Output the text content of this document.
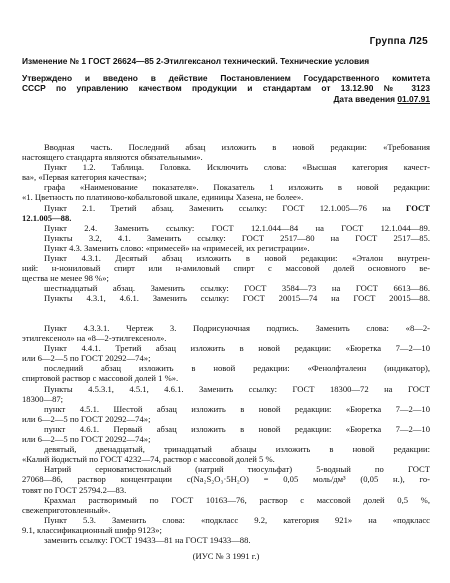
Группа Л25

Изменение № 1 ГОСТ 26624—85 2-Этилгексанол технический. Технические условия

Утверждено и введено в действие Постановлением Государственного комитета

СССР по управлению качеством продукции и стандартам от 13.12.90 № 3123

Дата введения 01.07.91

Вводная часть. Последний абзац изложить в новой редакции: «Требования

настоящего стандарта являются обязательными».

Пункт 1.2. Таблица. Головка. Исключить слова: «Высшая категория качест-

ва», «Первая категория качества»;

графа «Наименование показателя». Показатель 1 изложить в новой редакции:

«1. Цветность по платиново-кобальтовой шкале, единицы Хазена, не более».

Пункт 2.1. Третий абзац. Заменить ссылку: ГОСТ 12.1.005—76 на ГОСТ

12.1.005—88.

Пункт 2.4. Заменить ссылку: ГОСТ 12.1.044—84 на ГОСТ 12.1.044—89.

Пункты 3.2, 4.1. Заменить ссылку: ГОСТ 2517—80 на ГОСТ 2517—85.

Пункт 4.3. Заменить слово: «примесей» на «примесей, их регистрации».

Пункт 4.3.1. Десятый абзац изложить в новой редакции: «Эталон внутрен-

ний: н-нониловый спирт или н-амиловый спирт с массовой долей основного ве-

щества не менее 98 %»;

шестнадцатый абзац. Заменить ссылку: ГОСТ 3584—73 на ГОСТ 6613—86.

Пункты 4.3.1, 4.6.1. Заменить ссылку: ГОСТ 20015—74 на ГОСТ 20015—88.

Пункт 4.3.3.1. Чертеж 3. Подрисуночная подпись. Заменить слова: «8—2-

этилгексенол» на «8—2-этилгексенол».

Пункт 4.4.1. Третий абзац изложить в новой редакции: «Бюретка 7—2—10

или 6—2—5 по ГОСТ 20292—74»;

последний абзац изложить в новой редакции: «Фенолфталеин (индикатор),

спиртовой раствор с массовой долей 1 %».

Пункты 4.5.3.1, 4.5.1, 4.6.1. Заменить ссылку: ГОСТ 18300—72 на ГОСТ

18300—87;

пункт 4.5.1. Шестой абзац изложить в новой редакции: «Бюретка 7—2—10

или 6—2—5 по ГОСТ 20292—74»;

пункт 4.6.1. Первый абзац изложить в новой редакции: «Бюретка 7—2—10

или 6—2—5 по ГОСТ 20292—74»;

девятый, двенадцатый, тринадцатый абзацы изложить в новой редакции:

«Калий йодистый по ГОСТ 4232—74, раствор с массовой долей 5 %.

Натрий серноватистокислый (натрий тиосульфат) 5-водный по ГОСТ

27068—86, раствор концентрации c(Na₂S₂O₃·5H₂O) = 0,05 моль/дм³ (0,05 н.), го-

товят по ГОСТ 25794.2—83.

Крахмал растворимый по ГОСТ 10163—76, раствор с массовой долей 0,5 %,

свежеприготовленный».

Пункт 5.3. Заменить слова: «подкласс 9.2, категория 921» на «подкласс

9.1, классификационный шифр 9123»;

заменить ссылку: ГОСТ 19433—81 на ГОСТ 19433—88.

(ИУС № 3 1991 г.)
